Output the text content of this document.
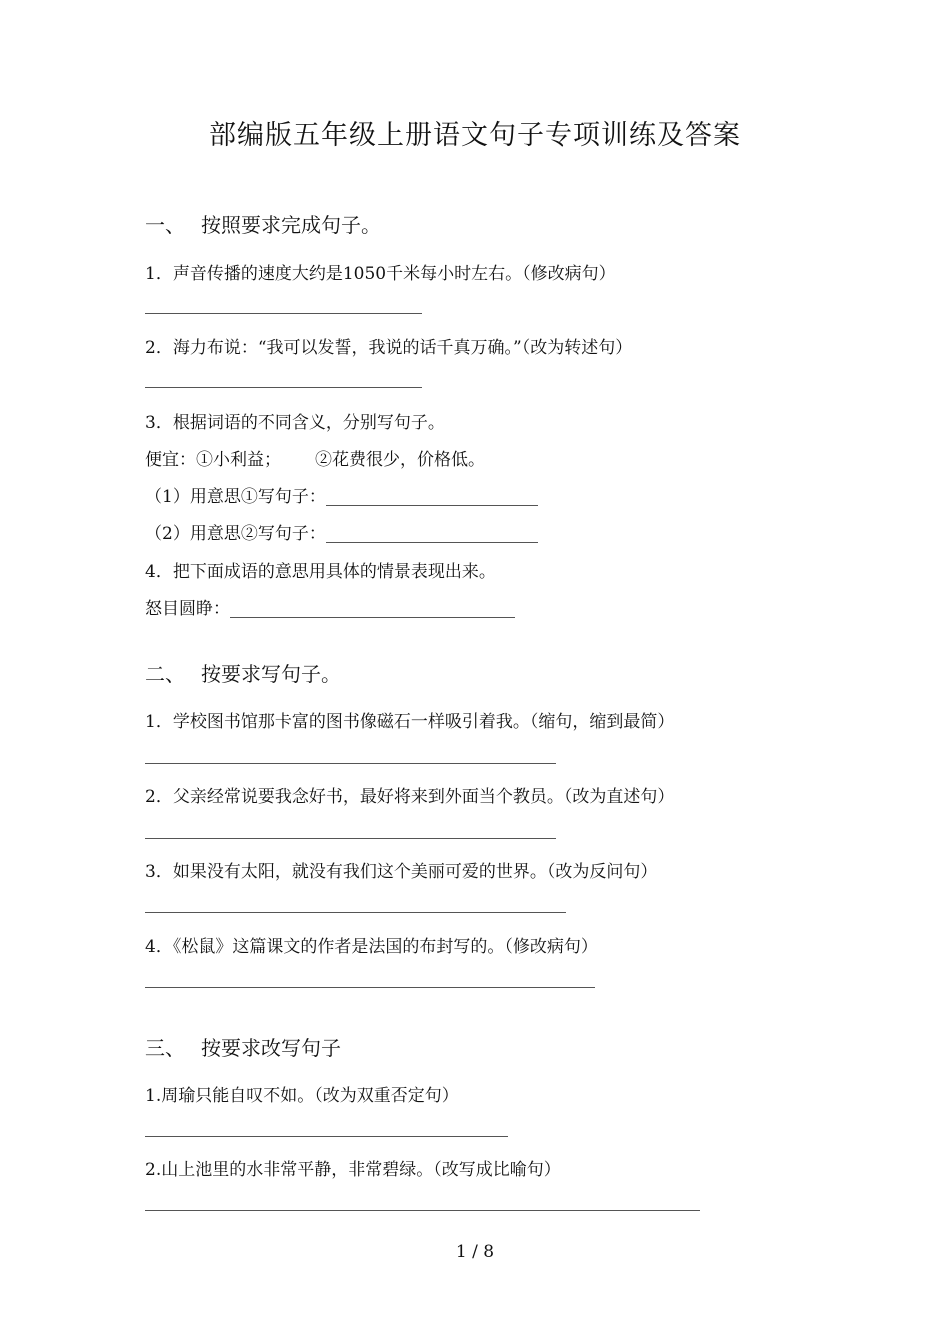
部编版五年级上册语文句子专项训练及答案
一、 按照要求完成句子。
1．声音传播的速度大约是1050千米每小时左右。（修改病句）
2．海力布说：“我可以发誓，我说的话千真万确。”（改为转述句）
3．根据词语的不同含义，分别写句子。
便宜：①小利益； ②花费很少，价格低。
（1）用意思①写句子：
（2）用意思②写句子：
4．把下面成语的意思用具体的情景表现出来。
怒目圆睁：
二、 按要求写句子。
1．学校图书馆那卡富的图书像磁石一样吸引着我。（缩句，缩到最简）
2．父亲经常说要我念好书，最好将来到外面当个教员。（改为直述句）
3．如果没有太阳，就没有我们这个美丽可爱的世界。（改为反问句）
4．《松鼠》这篇课文的作者是法国的布封写的。（修改病句）
三、 按要求改写句子
1.周瑜只能自叹不如。（改为双重否定句）
2.山上池里的水非常平静，非常碧绿。（改写成比喻句）
1 / 8
